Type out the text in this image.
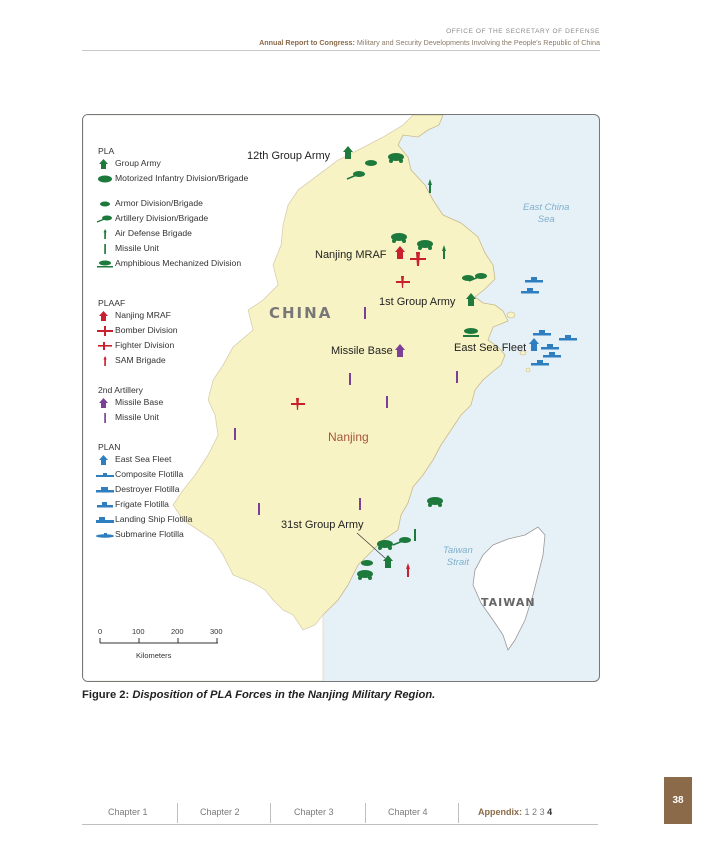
OFFICE OF THE SECRETARY OF DEFENSE
Annual Report to Congress: Military and Security Developments Involving the People's Republic of China
CHINA
Nanjing
TAIWAN
East China
Sea
Taiwan
Strait
12th Group Army
Nanjing MRAF
1st Group Army
Missile Base	East Sea Fleet
31st Group Army
PLA
Group Army
Motorized Infantry Division/Brigade
Armor Division/Brigade
Artillery Division/Brigade
Air Defense Brigade
Missile Unit
Amphibious Mechanized Division
PLAAF
Nanjing MRAF
Bomber Division
Fighter Division
SAM Brigade
2nd Artillery
Missile Base
Missile Unit
PLAN
East Sea Fleet
Composite Flotilla
Destroyer Flotilla
Frigate Flotilla
Landing Ship Flotilla
Submarine Flotilla
0	100	200	300
Kilometers
Figure 2: Disposition of PLA Forces in the Nanjing Military Region.
38
Chapter 1	Chapter 2	Chapter 3	Chapter 4	Appendix: 1 2 3 4
